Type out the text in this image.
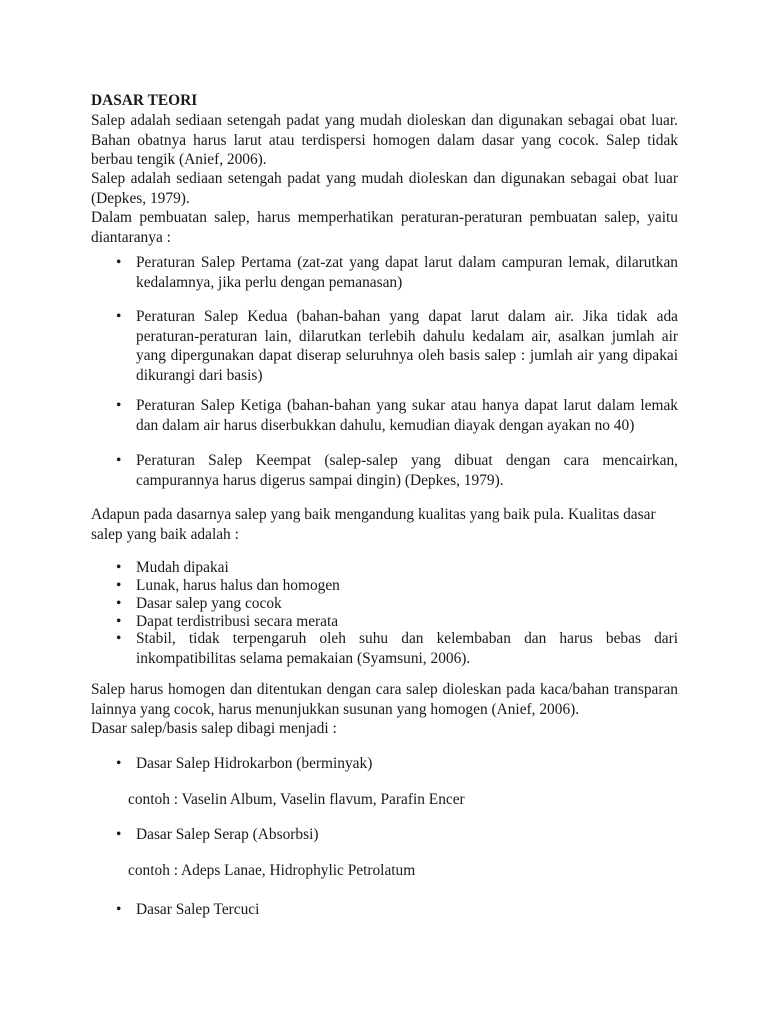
DASAR TEORI
Salep adalah sediaan setengah padat yang mudah dioleskan dan digunakan sebagai obat luar. Bahan obatnya harus larut atau terdispersi homogen dalam dasar yang cocok. Salep tidak berbau tengik (Anief, 2006).
Salep adalah sediaan setengah padat yang mudah dioleskan dan digunakan sebagai obat luar (Depkes, 1979).
Dalam pembuatan salep, harus memperhatikan peraturan-peraturan pembuatan salep, yaitu diantaranya :
• Peraturan Salep Pertama (zat-zat yang dapat larut dalam campuran lemak, dilarutkan kedalamnya, jika perlu dengan pemanasan)
• Peraturan Salep Kedua (bahan-bahan yang dapat larut dalam air. Jika tidak ada peraturan-peraturan lain, dilarutkan terlebih dahulu kedalam air, asalkan jumlah air yang dipergunakan dapat diserap seluruhnya oleh basis salep : jumlah air yang dipakai dikurangi dari basis)
• Peraturan Salep Ketiga (bahan-bahan yang sukar atau hanya dapat larut dalam lemak dan dalam air harus diserbukkan dahulu, kemudian diayak dengan ayakan no 40)
• Peraturan Salep Keempat (salep-salep yang dibuat dengan cara mencairkan, campurannya harus digerus sampai dingin) (Depkes, 1979).
Adapun pada dasarnya salep yang baik mengandung kualitas yang baik pula. Kualitas dasar salep yang baik adalah :
• Mudah dipakai
• Lunak, harus halus dan homogen
• Dasar salep yang cocok
• Dapat terdistribusi secara merata
• Stabil, tidak terpengaruh oleh suhu dan kelembaban dan harus bebas dari inkompatibilitas selama pemakaian (Syamsuni, 2006).
Salep harus homogen dan ditentukan dengan cara salep dioleskan pada kaca/bahan transparan lainnya yang cocok, harus menunjukkan susunan yang homogen (Anief, 2006).
Dasar salep/basis salep dibagi menjadi :
• Dasar Salep Hidrokarbon (berminyak)
contoh : Vaselin Album, Vaselin flavum, Parafin Encer
• Dasar Salep Serap (Absorbsi)
contoh : Adeps Lanae, Hidrophylic Petrolatum
• Dasar Salep Tercuci
